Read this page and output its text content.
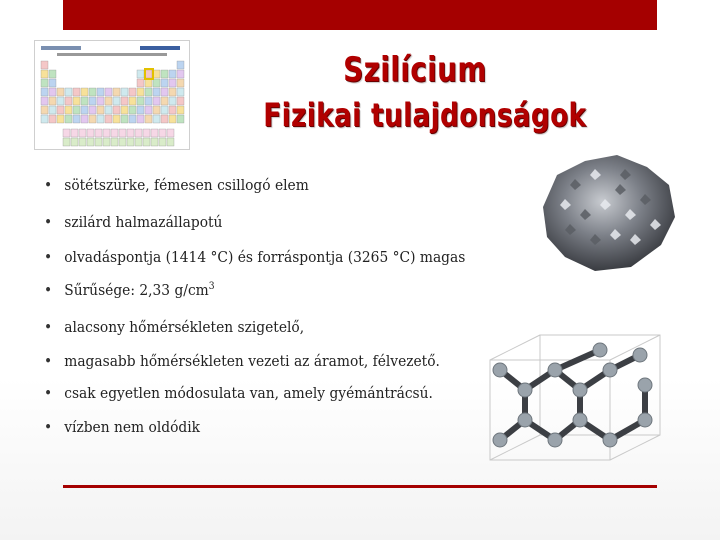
Szilícium
Fizikai tulajdonságok
• sötétszürke, fémesen csillogó elem
• szilárd halmazállapotú
• olvadáspontja (1414 °C) és forráspontja (3265 °C) magas
• Sűrűsége: 2,33 $g/cm^3$
• alacsony hőmérsékleten szigetelő,
• magasabb hőmérsékleten vezeti az áramot, félvezető.
• csak egyetlen módosulata van, amely gyémántrácsú.
• vízben nem oldódik
